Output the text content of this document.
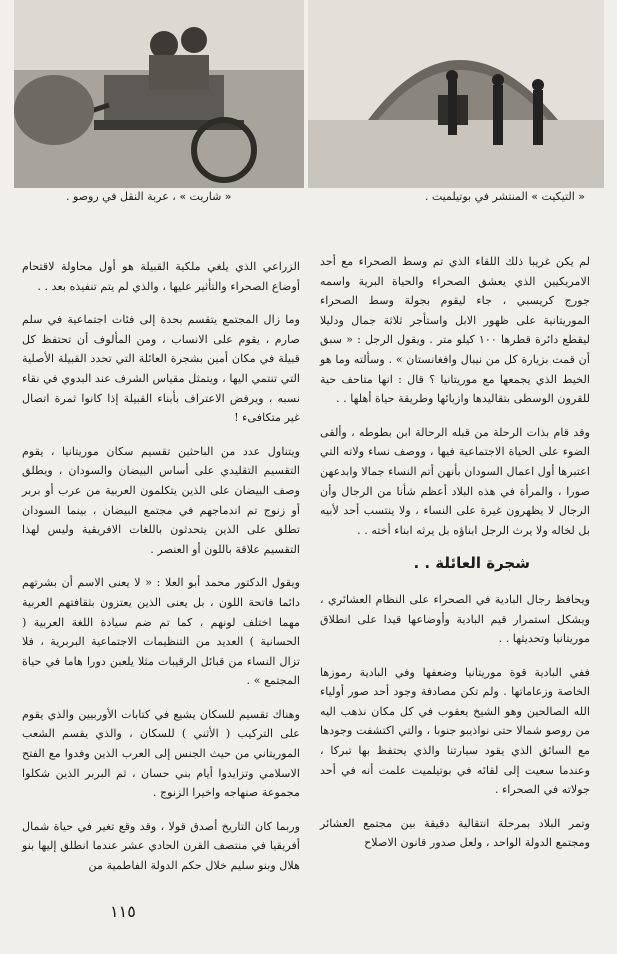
« شاريت » ، عربة النقل في روصو .	« التيكيت » المنتشر في بوتيلميت .

لم يكن غريبا ذلك اللقاء الذي تم وسط الصحراء مع أحد الامريكيين الذي يعشق الصحراء والحياة البرية واسمه جورج كريسبي ، جاء ليقوم بجولة وسط الصحراء الموريتانية على ظهور الابل واستأجر ثلاثة جمال ودليلا ليقطع دائرة قطرها ١٠٠ كيلو متر . ويقول الرجل : « سبق أن قمت بزيارة كل من نيبال وافغانستان » . وسألته وما هو الخيط الذي يجمعها مع موريتانيا ؟ قال : انها متاحف حية للقرون الوسطى بتقاليدها وازيائها وطريقة حياة أهلها . .

وقد قام بذات الرحلة من قبله الرحالة ابن بطوطه ، وألقى الضوء على الحياة الاجتماعية فيها ، ووصف نساء ولاته التي اعتبرها أول اعمال السودان بأنهن أتم النساء جمالا وابدعهن صورا ، والمرأة في هذه البلاد أعظم شأنا من الرجال وأن الرجال لا يظهرون غيرة على النساء ، ولا ينتسب أحد لأبيه بل لخاله ولا يرث الرجل ابناؤه بل يرثه ابناء أخته . .

شجرة العائلة . .

ويحافظ رجال البادية في الصحراء على النظام العشائري ، ويشكل استمرار قيم البادية وأوضاعها قيدا على انطلاق موريتانيا وتحديثها . .

ففي البادية قوة موريتانيا وضعفها وفي البادية رموزها الخاصة وزعاماتها . ولم تكن مصادفة وجود أحد صور أولياء الله الصالحين وهو الشيخ يعقوب في كل مكان نذهب اليه من روصو شمالا حتى نواذيبو جنوبا ، والتي اكتشفت وجودها مع السائق الذي يقود سيارتنا والذي يحتفظ بها تبركا ، وعندما سعيت إلى لقائه في بوتيلميت علمت أنه في أحد جولاته في الصحراء .

وتمر البلاد بمرحلة انتقالية دقيقة بين مجتمع العشائر ومجتمع الدولة الواحد ، ولعل صدور قانون الاصلاح

الزراعي الذي يلغي ملكية القبيلة هو أول محاولة لاقتحام أوضاع الصحراء والتأثير عليها ، والذي لم يتم تنفيذه بعد . .

وما زال المجتمع يتقسم بحدة إلى فئات اجتماعية في سلم صارم ، يقوم على الانساب ، ومن المألوف أن تحتفظ كل قبيلة في مكان أمين بشجرة العائلة التي تحدد القبيلة الأصلية التي تنتمي اليها ، ويتمثل مقياس الشرف عند البدوي في نقاء نسبه ، ويرفض الاعتراف بأبناء القبيلة إذا كانوا ثمرة اتصال غير متكافىء !

ويتناول عدد من الباحثين تقسيم سكان موريتانيا ، يقوم التقسيم التقليدي على أساس البيضان والسودان ، ويطلق وصف البيضان على الذين يتكلمون العربية من عرب أو بربر أو زنوج تم اندماجهم في مجتمع البيضان ، بينما السودان تطلق على الذين يتحدثون باللغات الافريقية وليس لهذا التقسيم علاقة باللون أو العنصر .

ويقول الدكتور محمد أبو العلا : « لا يعنى الاسم أن بشرتهم دائما فاتحة اللون ، بل يعنى الذين يعتزون بثقافتهم العربية مهما اختلف لونهم ، كما تم ضم سيادة اللغة العربية ( الحسانية ) العديد من التنظيمات الاجتماعية البربرية ، فلا تزال النساء من قبائل الرقيبات مثلا يلعبن دورا هاما في حياة المجتمع » .

وهناك تقسيم للسكان يشيع في كتابات الأوربيين والذي يقوم على التركيب ( الأثني ) للسكان ، والذي يقسم الشعب الموريتاني من حيث الجنس إلى العرب الذين وفدوا مع الفتح الاسلامي وتزايدوا أيام بني حسان ، ثم البربر الذين شكلوا مجموعة صنهاجه واخيرا الزنوج .

وربما كان التاريخ أصدق قولا ، وقد وقع تغير في حياة شمال أفريقيا في منتصف القرن الحادي عشر عندما انطلق إليها بنو هلال وبنو سليم خلال حكم الدولة الفاطمية من

١١٥
